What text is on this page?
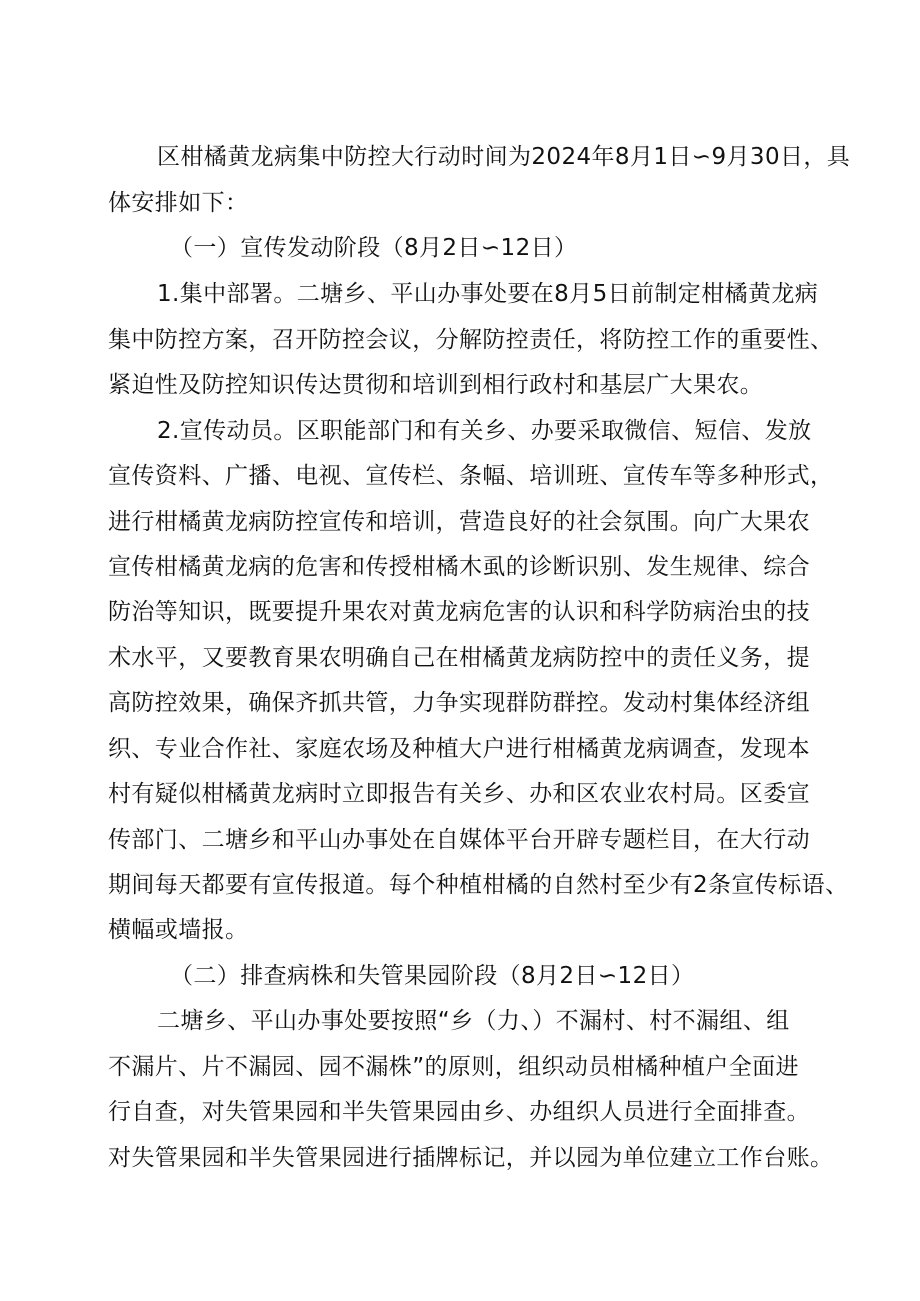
区柑橘黄龙病集中防控大行动时间为2024年8月1日∽9月30日，具

体安排如下：

（一）宣传发动阶段（8月2日∽12日）

1.集中部署。二塘乡、平山办事处要在8月5日前制定柑橘黄龙病

集中防控方案，召开防控会议，分解防控责任，将防控工作的重要性、

紧迫性及防控知识传达贯彻和培训到相行政村和基层广大果农。

2.宣传动员。区职能部门和有关乡、办要采取微信、短信、发放

宣传资料、广播、电视、宣传栏、条幅、培训班、宣传车等多种形式，

进行柑橘黄龙病防控宣传和培训，营造良好的社会氛围。向广大果农

宣传柑橘黄龙病的危害和传授柑橘木虱的诊断识别、发生规律、综合

防治等知识，既要提升果农对黄龙病危害的认识和科学防病治虫的技

术水平，又要教育果农明确自己在柑橘黄龙病防控中的责任义务，提

高防控效果，确保齐抓共管，力争实现群防群控。发动村集体经济组

织、专业合作社、家庭农场及种植大户进行柑橘黄龙病调查，发现本

村有疑似柑橘黄龙病时立即报告有关乡、办和区农业农村局。区委宣

传部门、二塘乡和平山办事处在自媒体平台开辟专题栏目，在大行动

期间每天都要有宣传报道。每个种植柑橘的自然村至少有2条宣传标语、

横幅或墙报。

（二）排查病株和失管果园阶段（8月2日∽12日）

二塘乡、平山办事处要按照“乡（力、）不漏村、村不漏组、组

不漏片、片不漏园、园不漏株”的原则，组织动员柑橘种植户全面进

行自查，对失管果园和半失管果园由乡、办组织人员进行全面排查。

对失管果园和半失管果园进行插牌标记，并以园为单位建立工作台账。
